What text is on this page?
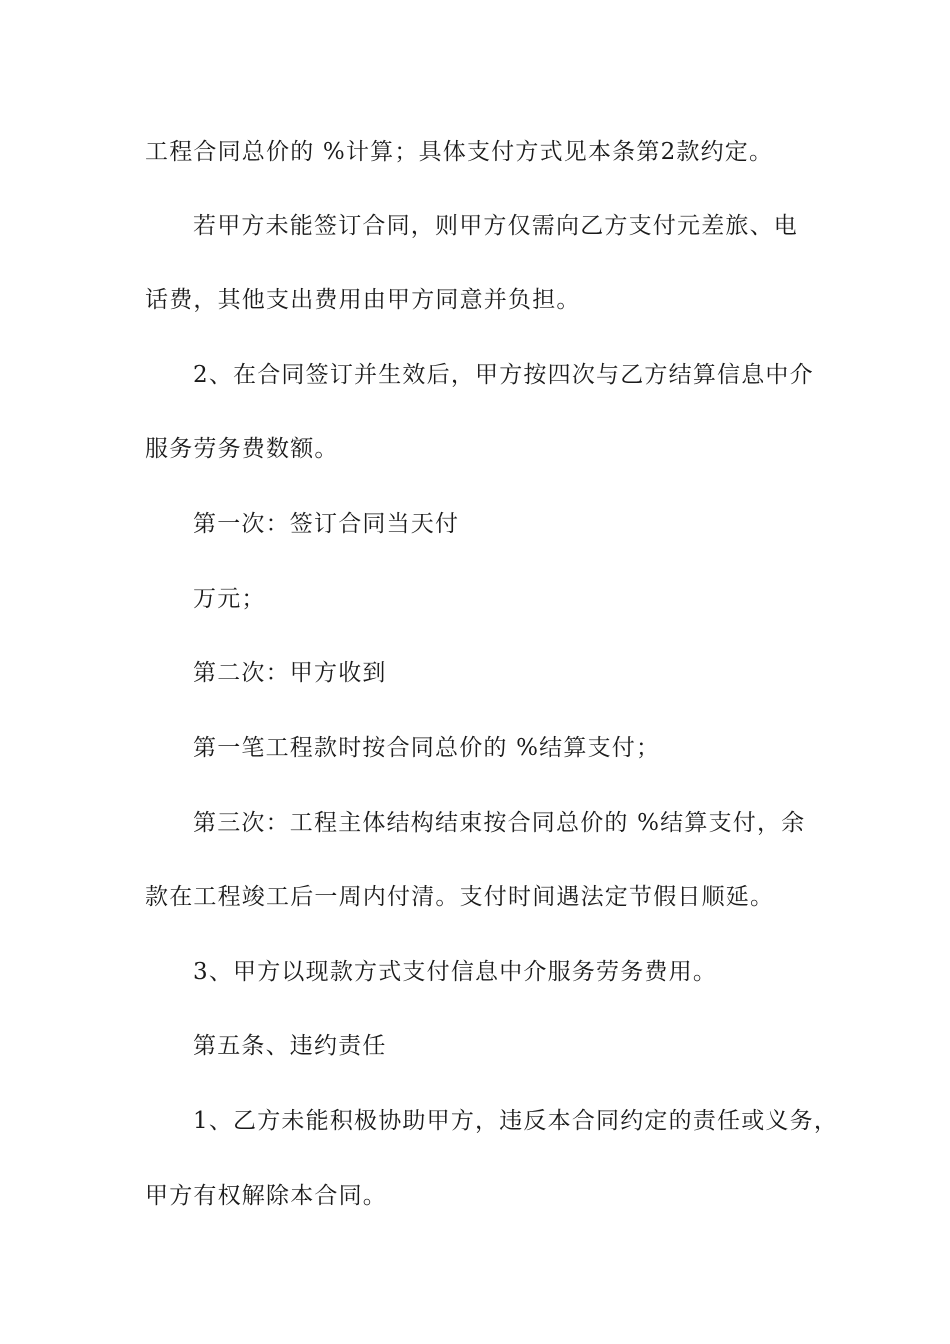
工程合同总价的 %计算；具体支付方式见本条第2款约定。
若甲方未能签订合同，则甲方仅需向乙方支付元差旅、电
话费，其他支出费用由甲方同意并负担。
2、在合同签订并生效后，甲方按四次与乙方结算信息中介
服务劳务费数额。
第一次：签订合同当天付
万元；
第二次：甲方收到
第一笔工程款时按合同总价的 %结算支付；
第三次：工程主体结构结束按合同总价的 %结算支付，余
款在工程竣工后一周内付清。支付时间遇法定节假日顺延。
3、甲方以现款方式支付信息中介服务劳务费用。
第五条、违约责任
1、乙方未能积极协助甲方，违反本合同约定的责任或义务，
甲方有权解除本合同。
